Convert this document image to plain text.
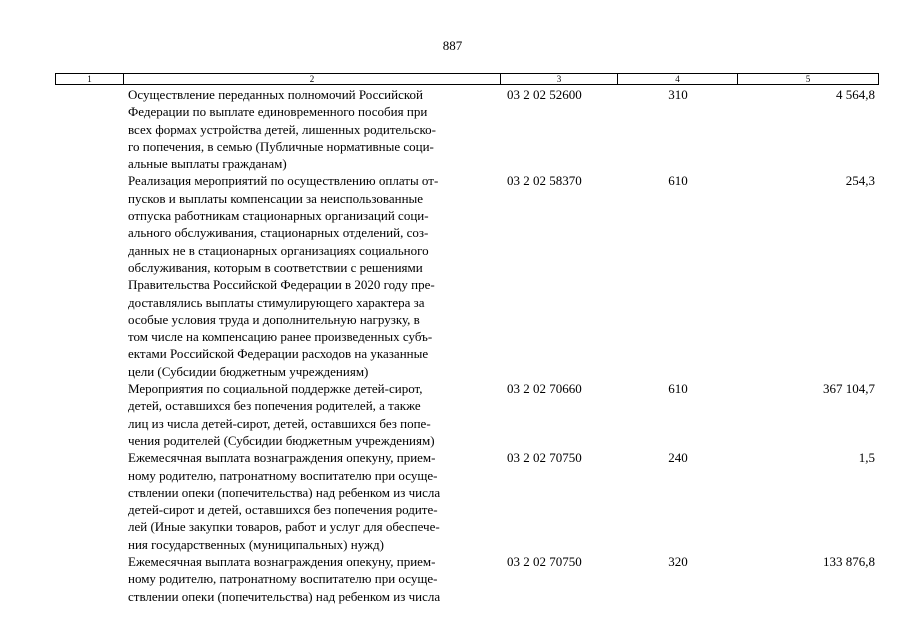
887
1	2	3	4	5
Осуществление переданных полномочий Российской
Федерации по выплате единовременного пособия при
всех формах устройства детей, лишенных родительско-
го попечения, в семью (Публичные нормативные соци-
альные выплаты гражданам)
03 2 02 52600	310	4 564,8
Реализация мероприятий по осуществлению оплаты от-
пусков и выплаты компенсации за неиспользованные
отпуска работникам стационарных организаций соци-
ального обслуживания, стационарных отделений, соз-
данных не в стационарных организациях социального
обслуживания, которым в соответствии с решениями
Правительства Российской Федерации в 2020 году пре-
доставлялись выплаты стимулирующего характера за
особые условия труда и дополнительную нагрузку, в
том числе на компенсацию ранее произведенных субъ-
ектами Российской Федерации расходов на указанные
цели (Субсидии бюджетным учреждениям)
03 2 02 58370	610	254,3
Мероприятия по социальной поддержке детей-сирот,
детей, оставшихся без попечения родителей, а также
лиц из числа детей-сирот, детей, оставшихся без попе-
чения родителей (Субсидии бюджетным учреждениям)
03 2 02 70660	610	367 104,7
Ежемесячная выплата вознаграждения опекуну, прием-
ному родителю, патронатному воспитателю при осуще-
ствлении опеки (попечительства) над ребенком из числа
детей-сирот и детей, оставшихся без попечения родите-
лей (Иные закупки товаров, работ и услуг для обеспече-
ния государственных (муниципальных) нужд)
03 2 02 70750	240	1,5
Ежемесячная выплата вознаграждения опекуну, прием-
ному родителю, патронатному воспитателю при осуще-
ствлении опеки (попечительства) над ребенком из числа
03 2 02 70750	320	133 876,8
